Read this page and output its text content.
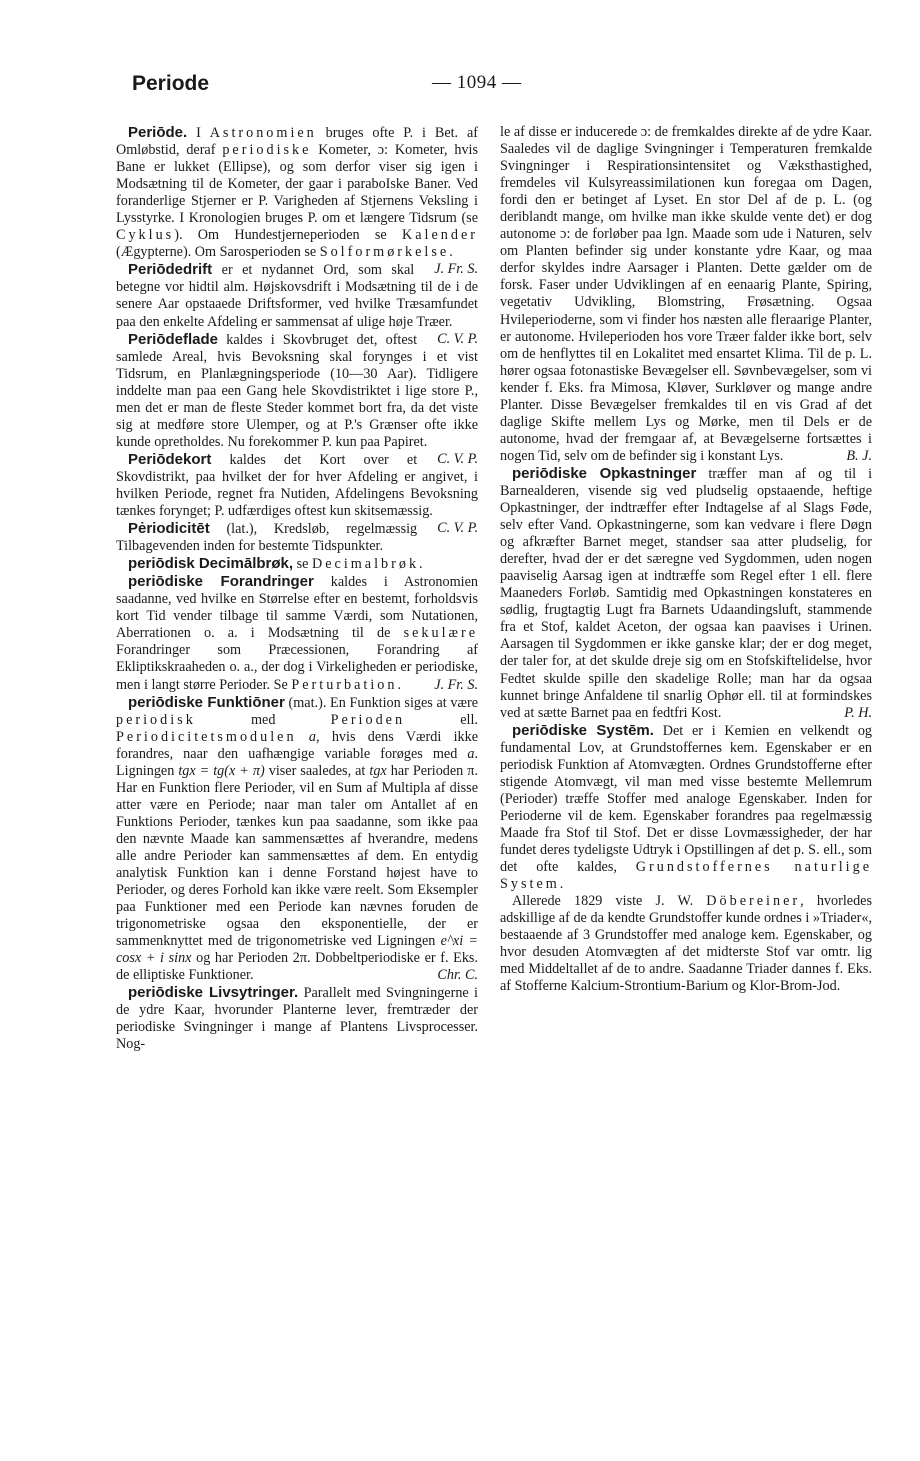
Periode	— 1094 —

Periōde. I Astronomien bruges ofte P. i Bet. af Omløbstid, deraf periodiske Kometer, ɔ: Kometer, hvis Bane er lukket (Ellipse), og som derfor viser sig igen i Modsætning til de Kometer, der gaar i paraboIske Baner. Ved foranderlige Stjerner er P. Varigheden af Stjernens Veksling i Lysstyrke. I Kronologien bruges P. om et længere Tidsrum (se Cyklus). Om Hundestjerneperioden se Kalender (Ægypterne). Om Sarosperioden se Solformørkelse.
J. Fr. S.

Periōdedrift er et nydannet Ord, som skal betegne vor hidtil alm. Højskovsdrift i Modsætning til de i de senere Aar opstaaede Driftsformer, ved hvilke Træsamfundet paa den enkelte Afdeling er sammensat af ulige høje Træer.
C. V. P.

Periōdeflade kaldes i Skovbruget det, oftest samlede Areal, hvis Bevoksning skal forynges i et vist Tidsrum, en Planlægningsperiode (10—30 Aar). Tidligere inddelte man paa een Gang hele Skovdistriktet i lige store P., men det er man de fleste Steder kommet bort fra, da det viste sig at medføre store Ulemper, og at P.'s Grænser ofte ikke kunde opretholdes. Nu forekommer P. kun paa Papiret.
C. V. P.

Periōdekort kaldes det Kort over et Skovdistrikt, paa hvilket der for hver Afdeling er angivet, i hvilken Periode, regnet fra Nutiden, Afdelingens Bevoksning tænkes forynget; P. udfærdiges oftest kun skitsemæssig.
C. V. P.

Pėriodicitēt (lat.), Kredsløb, regelmæssig Tilbagevenden inden for bestemte Tidspunkter.

periōdisk Decimālbrøk, se Decimalbrøk.

periōdiske Forandringer kaldes i Astronomien saadanne, ved hvilke en Størrelse efter en bestemt, forholdsvis kort Tid vender tilbage til samme Værdi, som Nutationen, Aberrationen o. a. i Modsætning til de sekulære Forandringer som Præcessionen, Forandring af Ekliptikskraaheden o. a., der dog i Virkeligheden er periodiske, men i langt større Perioder. Se Perturbation.	J. Fr. S.

periōdiske Funktiōner (mat.). En Funktion siges at være periodisk med Perioden ell. Periodicitetsmodulen a, hvis dens Værdi ikke forandres, naar den uafhængige variable forøges med a. Ligningen tgx = tg(x + π) viser saaledes, at tgx har Perioden π. Har en Funktion flere Perioder, vil en Sum af Multipla af disse atter være en Periode; naar man taler om Antallet af en Funktions Perioder, tænkes kun paa saadanne, som ikke paa den nævnte Maade kan sammensættes af hverandre, medens alle andre Perioder kan sammensættes af dem. En entydig analytisk Funktion kan i denne Forstand højest have to Perioder, og deres Forhold kan ikke være reelt. Som Eksempler paa Funktioner med een Periode kan nævnes foruden de trigonometriske ogsaa den eksponentielle, der er sammenknyttet med de trigonometriske ved Ligningen e^xi = cosx + i sinx og har Perioden 2π. Dobbeltperiodiske er f. Eks. de elliptiske Funktioner.	Chr. C.

periōdiske Livsytringer. Parallelt med Svingningerne i de ydre Kaar, hvorunder Planterne lever, fremtræder der periodiske Svingninger i mange af Plantens Livsprocesser. Nog-

le af disse er inducerede ɔ: de fremkaldes direkte af de ydre Kaar. Saaledes vil de daglige Svingninger i Temperaturen fremkalde Svingninger i Respirationsintensitet og Væksthastighed, fremdeles vil Kulsyreassimilationen kun foregaa om Dagen, fordi den er betinget af Lyset. En stor Del af de p. L. (og deriblandt mange, om hvilke man ikke skulde vente det) er dog autonome ɔ: de forløber paa lgn. Maade som ude i Naturen, selv om Planten befinder sig under konstante ydre Kaar, og maa derfor skyldes indre Aarsager i Planten. Dette gælder om de forsk. Faser under Udviklingen af en eenaarig Plante, Spiring, vegetativ Udvikling, Blomstring, Frøsætning. Ogsaa Hvileperioderne, som vi finder hos næsten alle fleraarige Planter, er autonome. Hvileperioden hos vore Træer falder ikke bort, selv om de henflyttes til en Lokalitet med ensartet Klima. Til de p. L. hører ogsaa fotonastiske Bevægelser ell. Søvnbevægelser, som vi kender f. Eks. fra Mimosa, Kløver, Surkløver og mange andre Planter. Disse Bevægelser fremkaldes til en vis Grad af det daglige Skifte mellem Lys og Mørke, men til Dels er de autonome, hvad der fremgaar af, at Bevægelserne fortsættes i nogen Tid, selv om de befinder sig i konstant Lys.	B. J.

periōdiske Opkastninger træffer man af og til i Barnealderen, visende sig ved pludselig opstaaende, heftige Opkastninger, der indtræffer efter Indtagelse af al Slags Føde, selv efter Vand. Opkastningerne, som kan vedvare i flere Døgn og afkræfter Barnet meget, standser saa atter pludselig, for derefter, hvad der er det særegne ved Sygdommen, uden nogen paaviselig Aarsag igen at indtræffe som Regel efter 1 ell. flere Maaneders Forløb. Samtidig med Opkastningen konstateres en sødlig, frugtagtig Lugt fra Barnets Udaandingsluft, stammende fra et Stof, kaldet Aceton, der ogsaa kan paavises i Urinen. Aarsagen til Sygdommen er ikke ganske klar; der er dog meget, der taler for, at det skulde dreje sig om en Stofskiftelidelse, hvor Fedtet skulde spille den skadelige Rolle; man har da ogsaa kunnet bringe Anfaldene til snarlig Ophør ell. til at formindskes ved at sætte Barnet paa en fedtfri Kost.	P. H.

periōdiske Systēm. Det er i Kemien en velkendt og fundamental Lov, at Grundstoffernes kem. Egenskaber er en periodisk Funktion af Atomvægten. Ordnes Grundstofferne efter stigende Atomvægt, vil man med visse bestemte Mellemrum (Perioder) træffe Stoffer med analoge Egenskaber. Inden for Perioderne vil de kem. Egenskaber forandres paa regelmæssig Maade fra Stof til Stof. Det er disse Lovmæssigheder, der har fundet deres tydeligste Udtryk i Opstillingen af det p. S. ell., som det ofte kaldes, Grundstoffernes naturlige System.

Allerede 1829 viste J. W. Döbereiner, hvorledes adskillige af de da kendte Grundstoffer kunde ordnes i »Triader«, bestaaende af 3 Grundstoffer med analoge kem. Egenskaber, og hvor desuden Atomvægten af det midterste Stof var omtr. lig med Middeltallet af de to andre. Saadanne Triader dannes f. Eks. af Stofferne Kalcium-Strontium-Barium og Klor-Brom-Jod.
